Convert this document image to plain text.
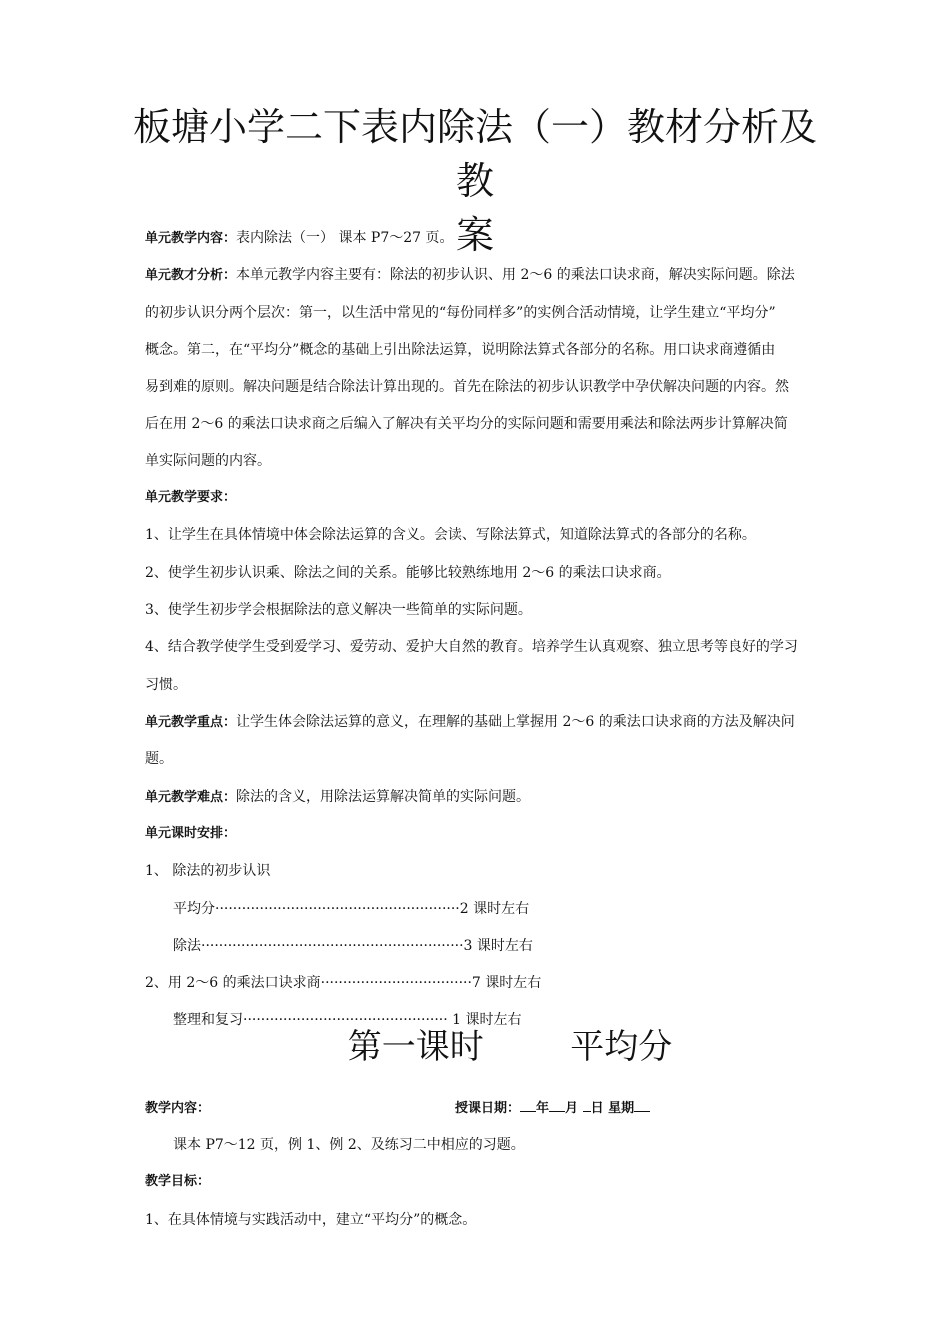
板塘小学二下表内除法（一）教材分析及教
案
单元教学内容：表内除法（一） 课本 P7～27 页。
单元教才分析：本单元教学内容主要有：除法的初步认识、用 2～6 的乘法口诀求商，解决实际问题。除法
的初步认识分两个层次：第一，以生活中常见的“每份同样多”的实例合活动情境，让学生建立“平均分”
概念。第二，在“平均分”概念的基础上引出除法运算，说明除法算式各部分的名称。用口诀求商遵循由
易到难的原则。解决问题是结合除法计算出现的。首先在除法的初步认识教学中孕伏解决问题的内容。然
后在用 2～6 的乘法口诀求商之后编入了解决有关平均分的实际问题和需要用乘法和除法两步计算解决简
单实际问题的内容。
单元教学要求：
1、让学生在具体情境中体会除法运算的含义。会读、写除法算式，知道除法算式的各部分的名称。
2、使学生初步认识乘、除法之间的关系。能够比较熟练地用 2～6 的乘法口诀求商。
3、使学生初步学会根据除法的意义解决一些简单的实际问题。
4、结合教学使学生受到爱学习、爱劳动、爱护大自然的教育。培养学生认真观察、独立思考等良好的学习
习惯。
单元教学重点：让学生体会除法运算的意义，在理解的基础上掌握用 2～6 的乘法口诀求商的方法及解决问
题。
单元教学难点：除法的含义，用除法运算解决简单的实际问题。
单元课时安排：
1、 除法的初步认识
平均分·······················································2 课时左右
除法···························································3 课时左右
2、用 2～6 的乘法口诀求商··································7 课时左右
整理和复习·············································· 1 课时左右
第一课时        平均分
教学内容：	授课日期： 年 月 日 星期
课本 P7～12 页，例 1、例 2、及练习二中相应的习题。
教学目标：
1、在具体情境与实践活动中，建立“平均分”的概念。
